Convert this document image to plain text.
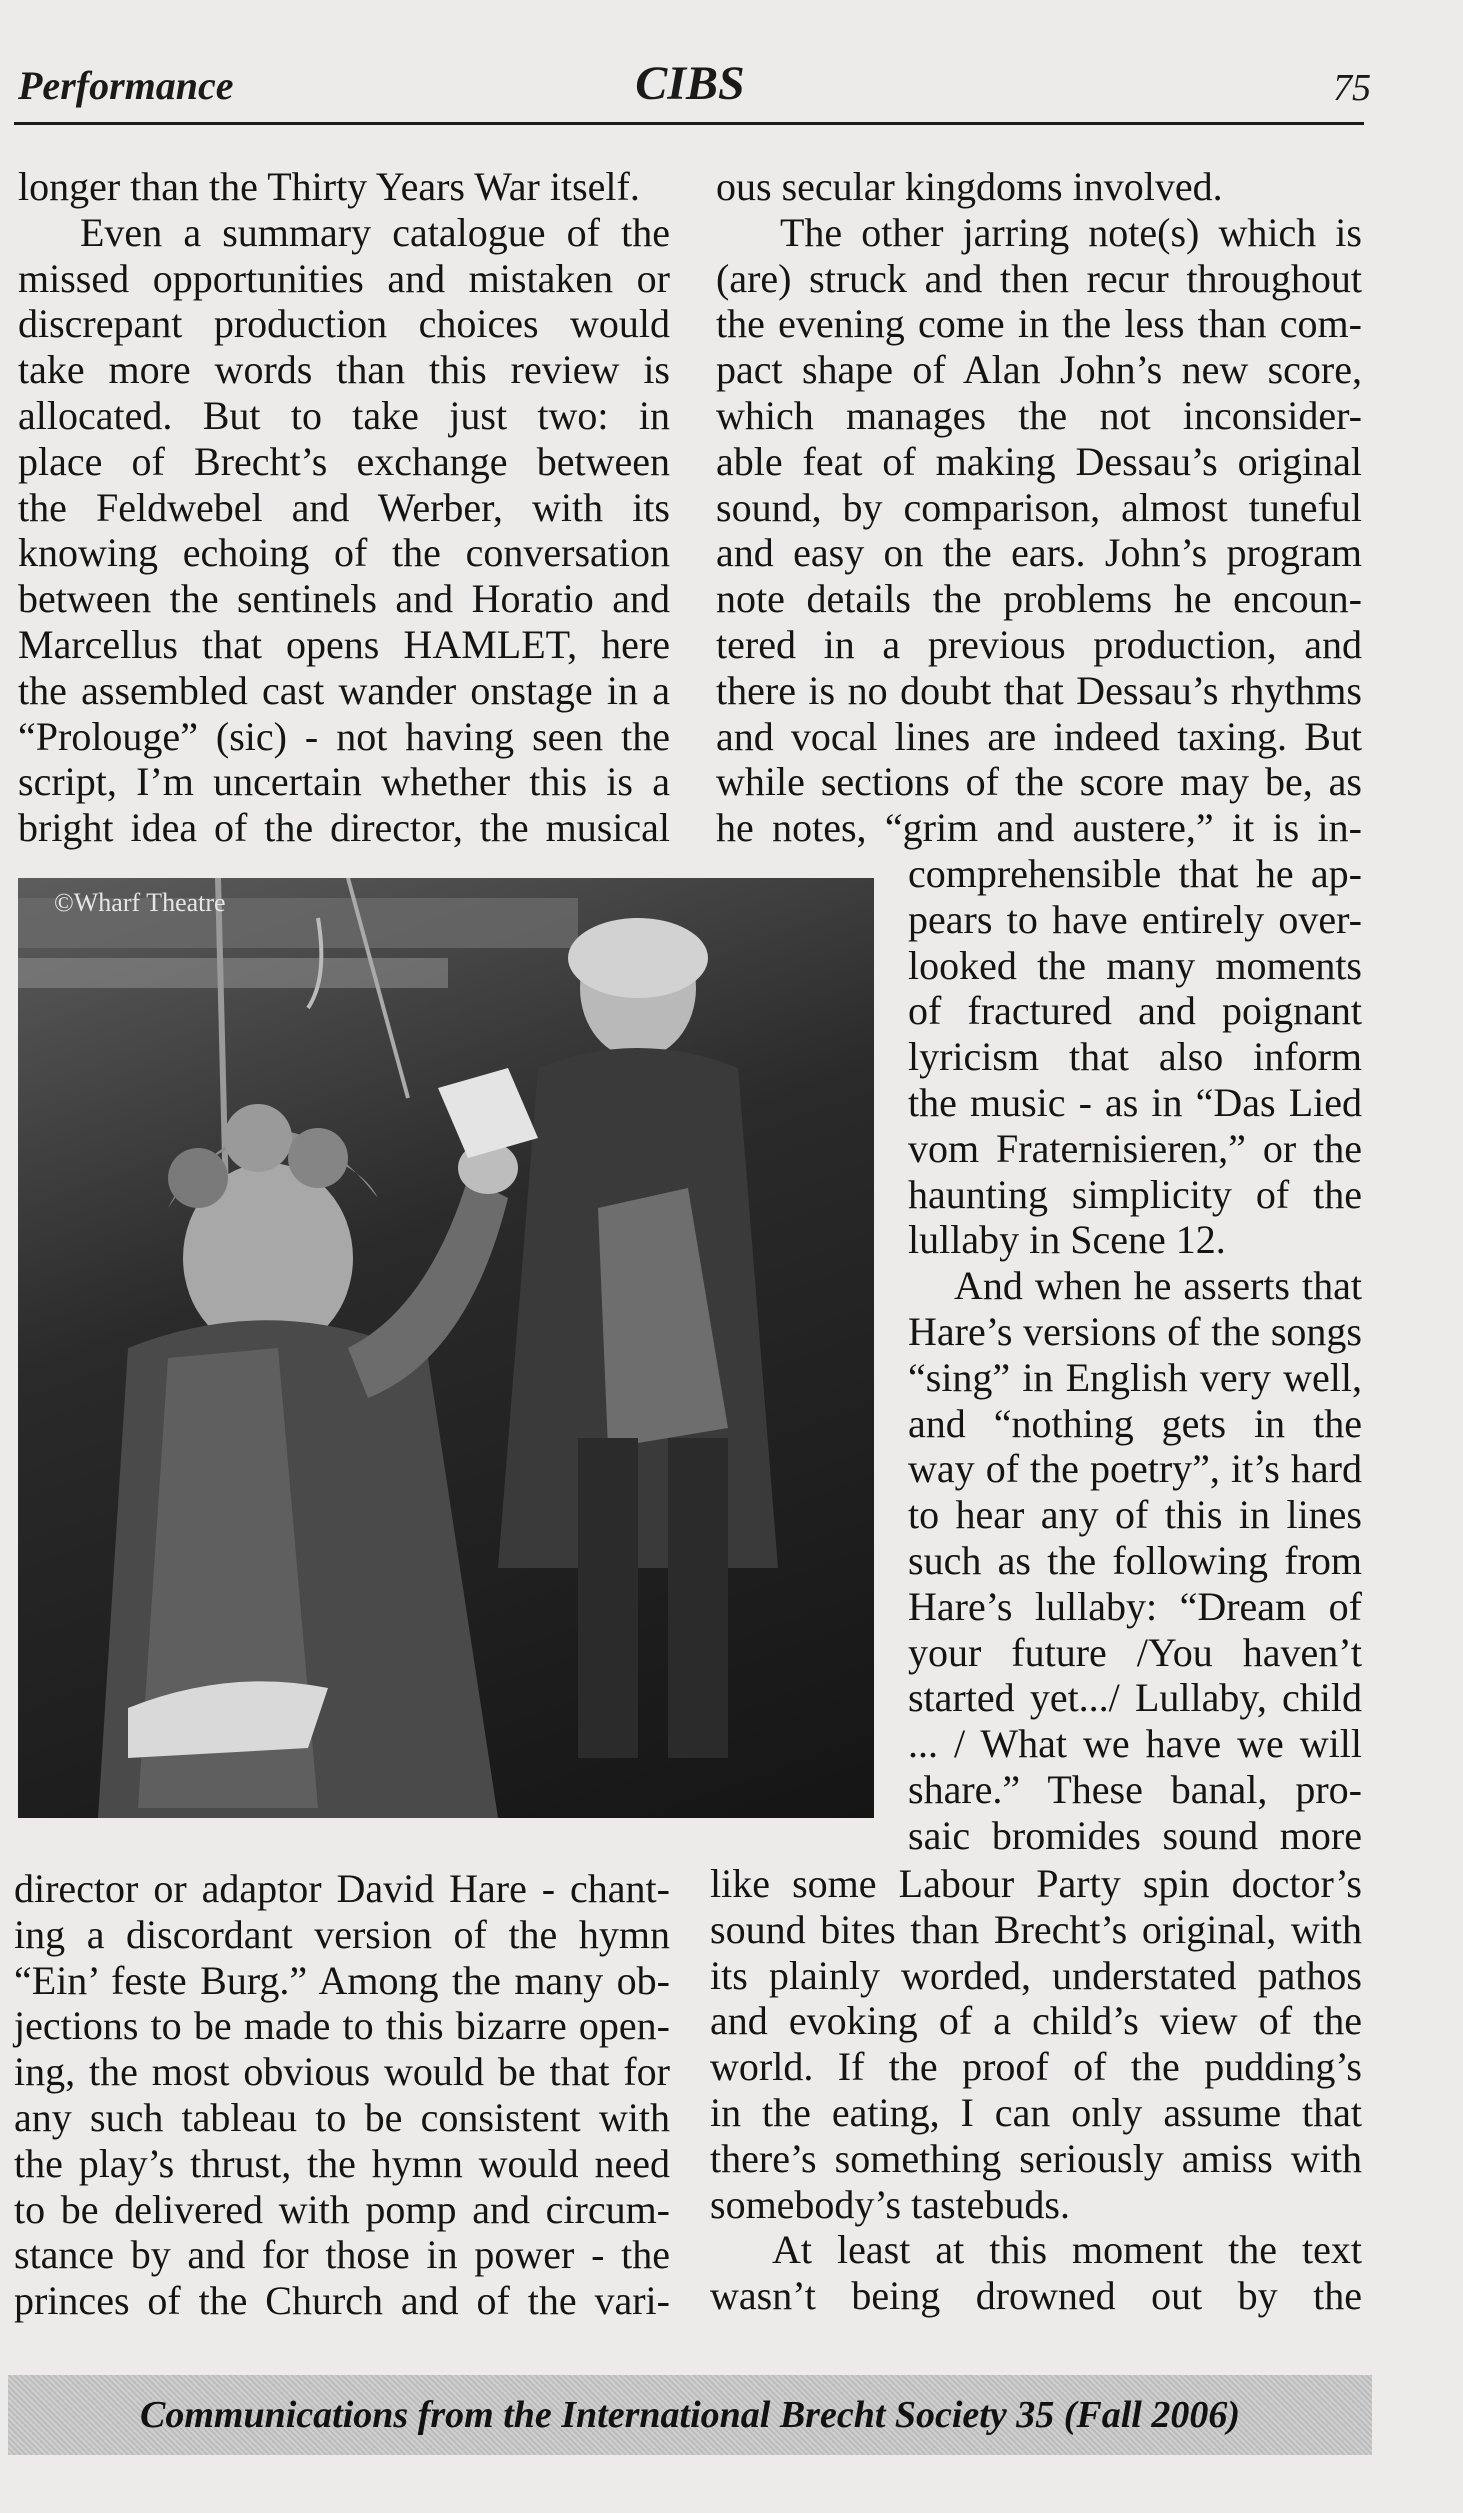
Performance	CIBS	75
longer than the Thirty Years War itself.
Even a summary catalogue of the
missed opportunities and mistaken or
discrepant production choices would
take more words than this review is
allocated. But to take just two: in
place of Brecht’s exchange between
the Feldwebel and Werber, with its
knowing echoing of the conversation
between the sentinels and Horatio and
Marcellus that opens HAMLET, here
the assembled cast wander onstage in a
“Prolouge” (sic) - not having seen the
script, I’m uncertain whether this is a
bright idea of the director, the musical
director or adaptor David Hare - chant-
ing a discordant version of the hymn
“Ein’ feste Burg.” Among the many ob-
jections to be made to this bizarre open-
ing, the most obvious would be that for
any such tableau to be consistent with
the play’s thrust, the hymn would need
to be delivered with pomp and circum-
stance by and for those in power - the
princes of the Church and of the vari-
ous secular kingdoms involved.
The other jarring note(s) which is
(are) struck and then recur throughout
the evening come in the less than com-
pact shape of Alan John’s new score,
which manages the not inconsider-
able feat of making Dessau’s original
sound, by comparison, almost tuneful
and easy on the ears. John’s program
note details the problems he encoun-
tered in a previous production, and
there is no doubt that Dessau’s rhythms
and vocal lines are indeed taxing. But
while sections of the score may be, as
he notes, “grim and austere,” it is in-
comprehensible that he ap-
pears to have entirely over-
looked the many moments
of fractured and poignant
lyricism that also inform
the music - as in “Das Lied
vom Fraternisieren,” or the
haunting simplicity of the
lullaby in Scene 12.
And when he asserts that
Hare’s versions of the songs
“sing” in English very well,
and “nothing gets in the
way of the poetry”, it’s hard
to hear any of this in lines
such as the following from
Hare’s lullaby: “Dream of
your future /You haven’t
started yet.../ Lullaby, child
... / What we have we will
share.” These banal, pro-
saic bromides sound more
like some Labour Party spin doctor’s
sound bites than Brecht’s original, with
its plainly worded, understated pathos
and evoking of a child’s view of the
world. If the proof of the pudding’s
in the eating, I can only assume that
there’s something seriously amiss with
somebody’s tastebuds.
At least at this moment the text
wasn’t being drowned out by the
©Wharf Theatre
Communications from the International Brecht Society 35 (Fall 2006)
